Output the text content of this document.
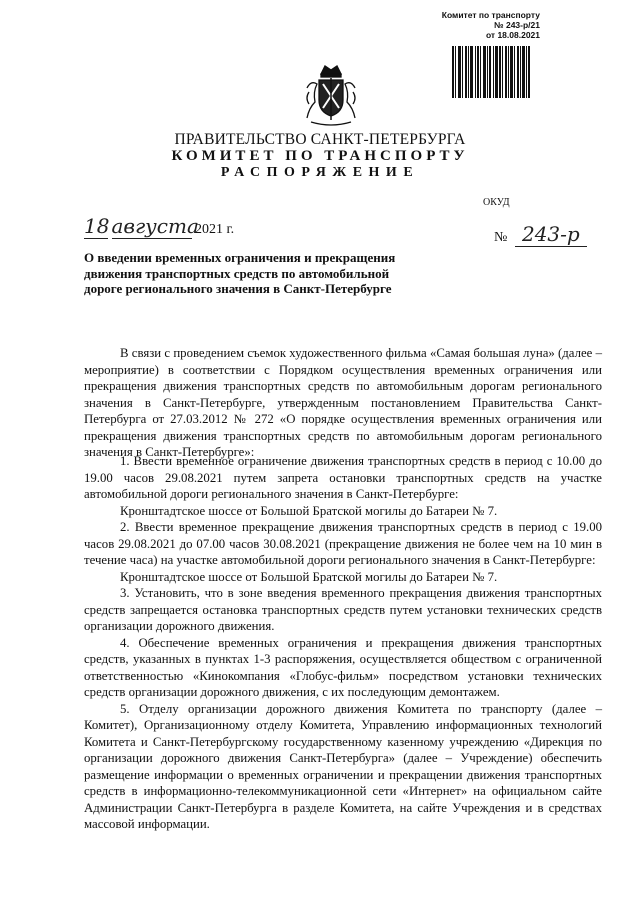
Комитет по транспорту
№ 243-р/21
от 18.08.2021
ПРАВИТЕЛЬСТВО САНКТ-ПЕТЕРБУРГА
КОМИТЕТ ПО ТРАНСПОРТУ
РАСПОРЯЖЕНИЕ
ОКУД
18 августа 2021 г.
№ 243-р
О введении временных ограничения и прекращения движения транспортных средств по автомобильной дороге регионального значения в Санкт-Петербурге

В связи с проведением съемок художественного фильма «Самая большая луна» (далее – мероприятие) в соответствии с Порядком осуществления временных ограничения или прекращения движения транспортных средств по автомобильным дорогам регионального значения в Санкт-Петербурге, утвержденным постановлением Правительства Санкт-Петербурга от 27.03.2012 № 272 «О порядке осуществления временных ограничения или прекращения движения транспортных средств по автомобильным дорогам регионального значения в Санкт-Петербурге»:

1. Ввести временное ограничение движения транспортных средств в период с 10.00 до 19.00 часов 29.08.2021 путем запрета остановки транспортных средств на участке автомобильной дороги регионального значения в Санкт-Петербурге:

Кронштадтское шоссе от Большой Братской могилы до Батареи № 7.

2. Ввести временное прекращение движения транспортных средств в период с 19.00 часов 29.08.2021 до 07.00 часов 30.08.2021 (прекращение движения не более чем на 10 мин в течение часа) на участке автомобильной дороги регионального значения в Санкт-Петербурге:

Кронштадтское шоссе от Большой Братской могилы до Батареи № 7.

3. Установить, что в зоне введения временного прекращения движения транспортных средств запрещается остановка транспортных средств путем установки технических средств организации дорожного движения.

4. Обеспечение временных ограничения и прекращения движения транспортных средств, указанных в пунктах 1-3 распоряжения, осуществляется обществом с ограниченной ответственностью «Кинокомпания «Глобус-фильм» посредством установки технических средств организации дорожного движения, с их последующим демонтажем.

5. Отделу организации дорожного движения Комитета по транспорту (далее – Комитет), Организационному отделу Комитета, Управлению информационных технологий Комитета и Санкт-Петербургскому государственному казенному учреждению «Дирекция по организации дорожного движения Санкт-Петербурга» (далее – Учреждение) обеспечить размещение информации о временных ограничении и прекращении движения транспортных средств в информационно-телекоммуникационной сети «Интернет» на официальном сайте Администрации Санкт-Петербурга в разделе Комитета, на сайте Учреждения и в средствах массовой информации.
